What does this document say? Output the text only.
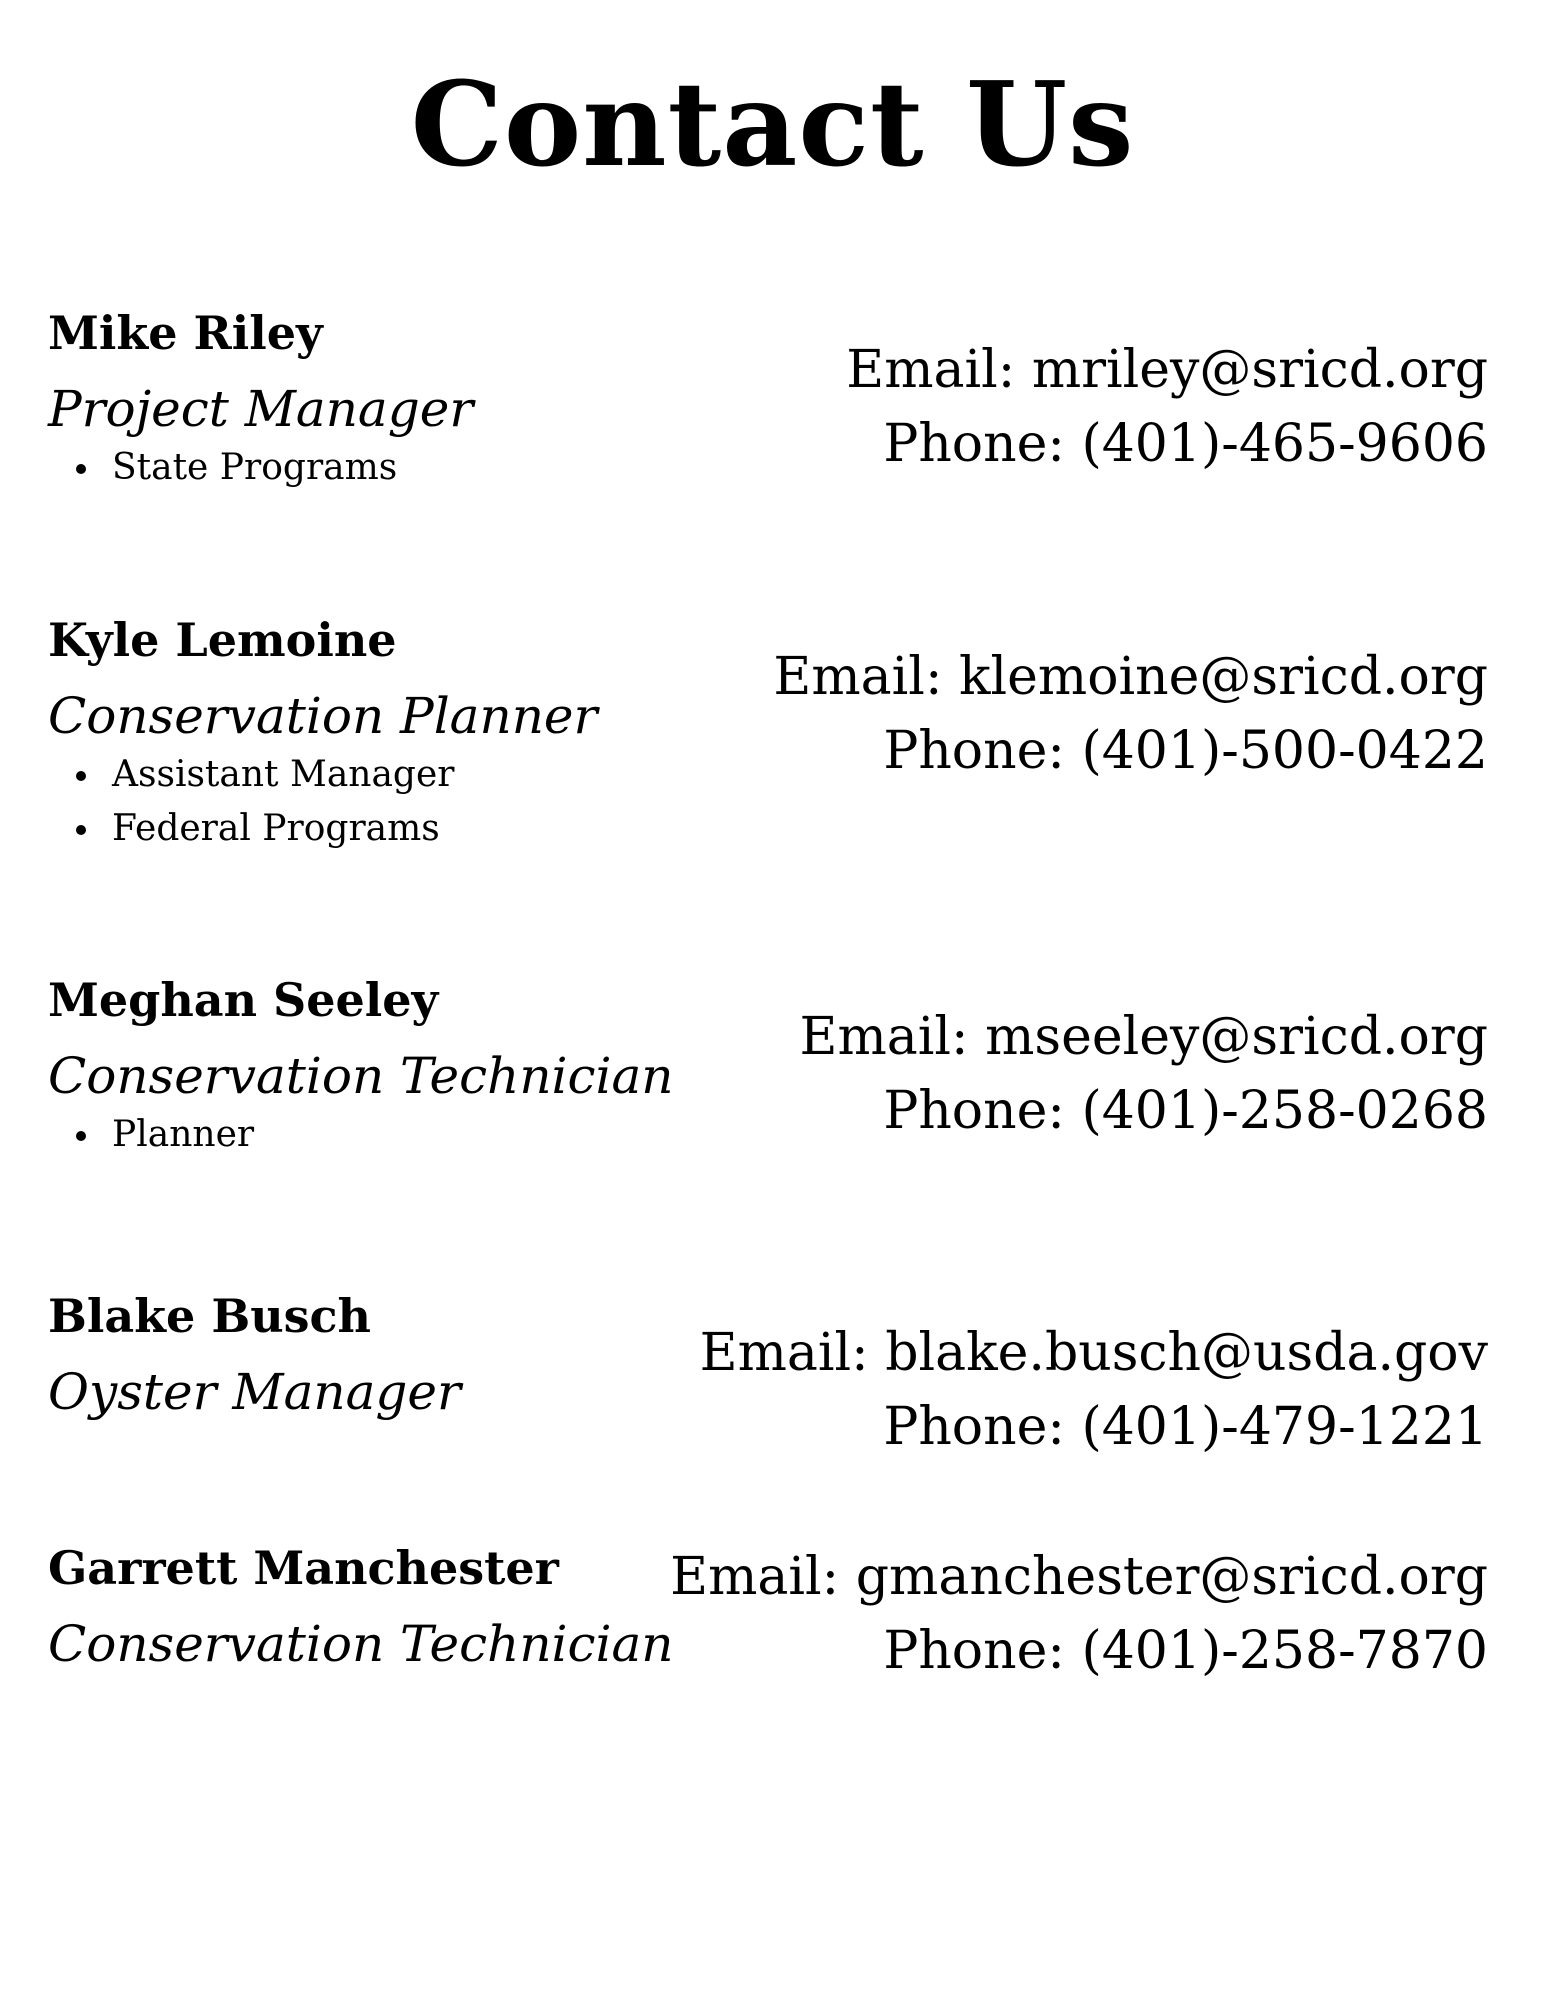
Contact Us
Mike Riley
Project Manager
State Programs
Email: mriley@sricd.org
Phone: (401)-465-9606
Kyle Lemoine
Conservation Planner
Assistant Manager
Federal Programs
Email: klemoine@sricd.org
Phone: (401)-500-0422
Meghan Seeley
Conservation Technician
Planner
Email: mseeley@sricd.org
Phone: (401)-258-0268
Blake Busch
Oyster Manager
Email: blake.busch@usda.gov
Phone: (401)-479-1221
Garrett Manchester
Conservation Technician
Email: gmanchester@sricd.org
Phone: (401)-258-7870
